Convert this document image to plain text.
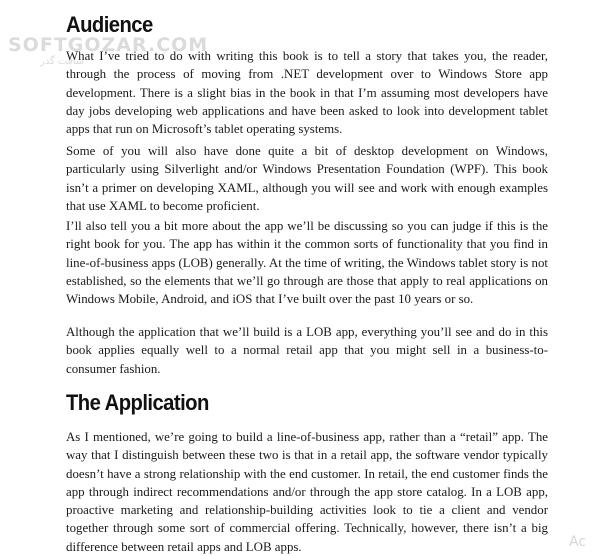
SOFTGOZAR.COM
سافت گذر
Audience

What I’ve tried to do with writing this book is to tell a story that takes you, the reader, through the process of moving from .NET development over to Windows Store app development. There is a slight bias in the book in that I’m assuming most developers have day jobs developing web applications and have been asked to look into development tablet apps that run on Microsoft’s tablet operating systems.

Some of you will also have done quite a bit of desktop development on Windows, particularly using Silverlight and/or Windows Presentation Foundation (WPF). This book isn’t a primer on developing XAML, although you will see and work with enough examples that use XAML to become proficient.

I’ll also tell you a bit more about the app we’ll be discussing so you can judge if this is the right book for you. The app has within it the common sorts of functionality that you find in line-of-business apps (LOB) generally. At the time of writing, the Windows tablet story is not established, so the elements that we’ll go through are those that apply to real applications on Windows Mobile, Android, and iOS that I’ve built over the past 10 years or so.

Although the application that we’ll build is a LOB app, everything you’ll see and do in this book applies equally well to a normal retail app that you might sell in a business-to-consumer fashion.

The Application

As I mentioned, we’re going to build a line-of-business app, rather than a “retail” app. The way that I distinguish between these two is that in a retail app, the software vendor typically doesn’t have a strong relationship with the end customer. In retail, the end customer finds the app through indirect recommendations and/or through the app store catalog. In a LOB app, proactive marketing and relationship-building activities look to tie a client and vendor together through some sort of commercial offering. Technically, however, there isn’t a big difference between retail apps and LOB apps.	Ac
